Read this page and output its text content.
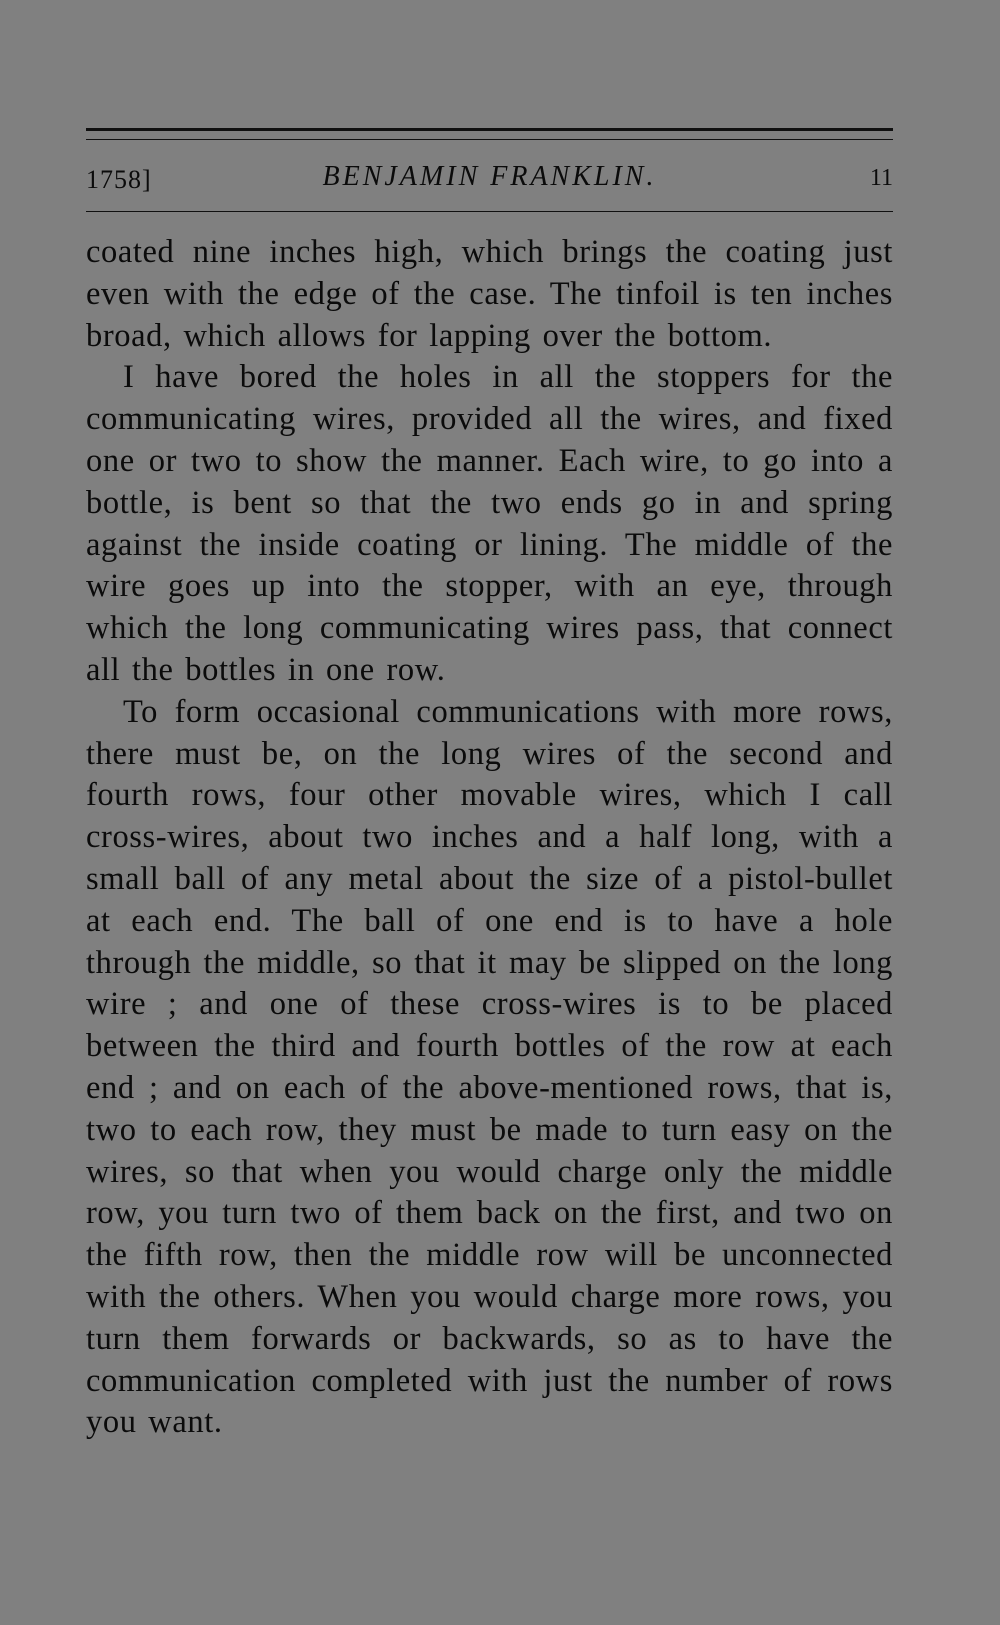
1758]	BENJAMIN FRANKLIN.	11

coated nine inches high, which brings the coating just even with the edge of the case. The tinfoil is ten inches broad, which allows for lapping over the bottom.

I have bored the holes in all the stoppers for the communicating wires, provided all the wires, and fixed one or two to show the manner. Each wire, to go into a bottle, is bent so that the two ends go in and spring against the inside coating or lining. The middle of the wire goes up into the stopper, with an eye, through which the long communicating wires pass, that connect all the bottles in one row.

To form occasional communications with more rows, there must be, on the long wires of the second and fourth rows, four other movable wires, which I call cross-wires, about two inches and a half long, with a small ball of any metal about the size of a pistol-bullet at each end. The ball of one end is to have a hole through the middle, so that it may be slipped on the long wire ; and one of these cross-wires is to be placed between the third and fourth bottles of the row at each end ; and on each of the above-mentioned rows, that is, two to each row, they must be made to turn easy on the wires, so that when you would charge only the middle row, you turn two of them back on the first, and two on the fifth row, then the middle row will be unconnected with the others. When you would charge more rows, you turn them forwards or backwards, so as to have the communication completed with just the number of rows you want.
